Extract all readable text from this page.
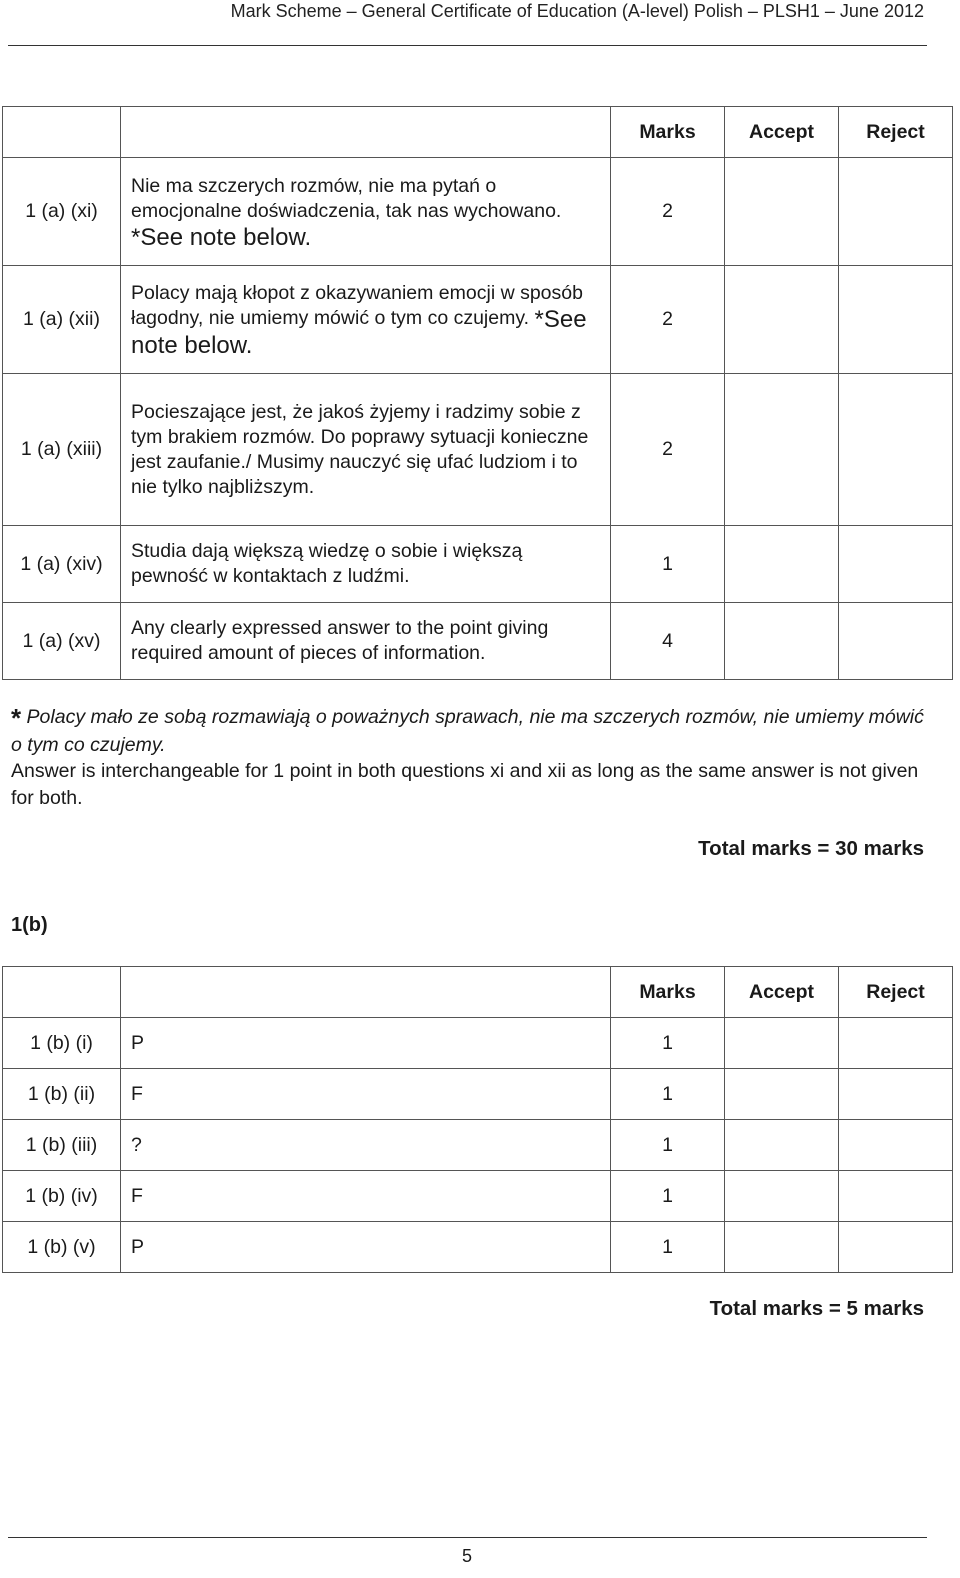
Mark Scheme – General Certificate of Education (A-level) Polish – PLSH1 – June 2012
		Marks	Accept	Reject
1 (a) (xi)	Nie ma szczerych rozmów, nie ma pytań o emocjonalne doświadczenia, tak nas wychowano. *See note below.	2		
1 (a) (xii)	Polacy mają kłopot z okazywaniem emocji w sposób łagodny, nie umiemy mówić o tym co czujemy. *See note below.	2		
1 (a) (xiii)	Pocieszające jest, że jakoś żyjemy i radzimy sobie z tym brakiem rozmów. Do poprawy sytuacji konieczne jest zaufanie./ Musimy nauczyć się ufać ludziom i to nie tylko najbliższym.	2		
1 (a) (xiv)	Studia dają większą wiedzę o sobie i większą pewność w kontaktach z ludźmi.	1		
1 (a) (xv)	Any clearly expressed answer to the point giving required amount of pieces of information.	4		
* Polacy mało ze sobą rozmawiają o poważnych sprawach, nie ma szczerych rozmów, nie umiemy mówić o tym co czujemy.
Answer is interchangeable for 1 point in both questions xi and xii as long as the same answer is not given for both.
Total marks = 30 marks
1(b)
		Marks	Accept	Reject
1 (b) (i)	P	1		
1 (b) (ii)	F	1		
1 (b) (iii)	?	1		
1 (b) (iv)	F	1		
1 (b) (v)	P	1		
Total marks = 5 marks
5
